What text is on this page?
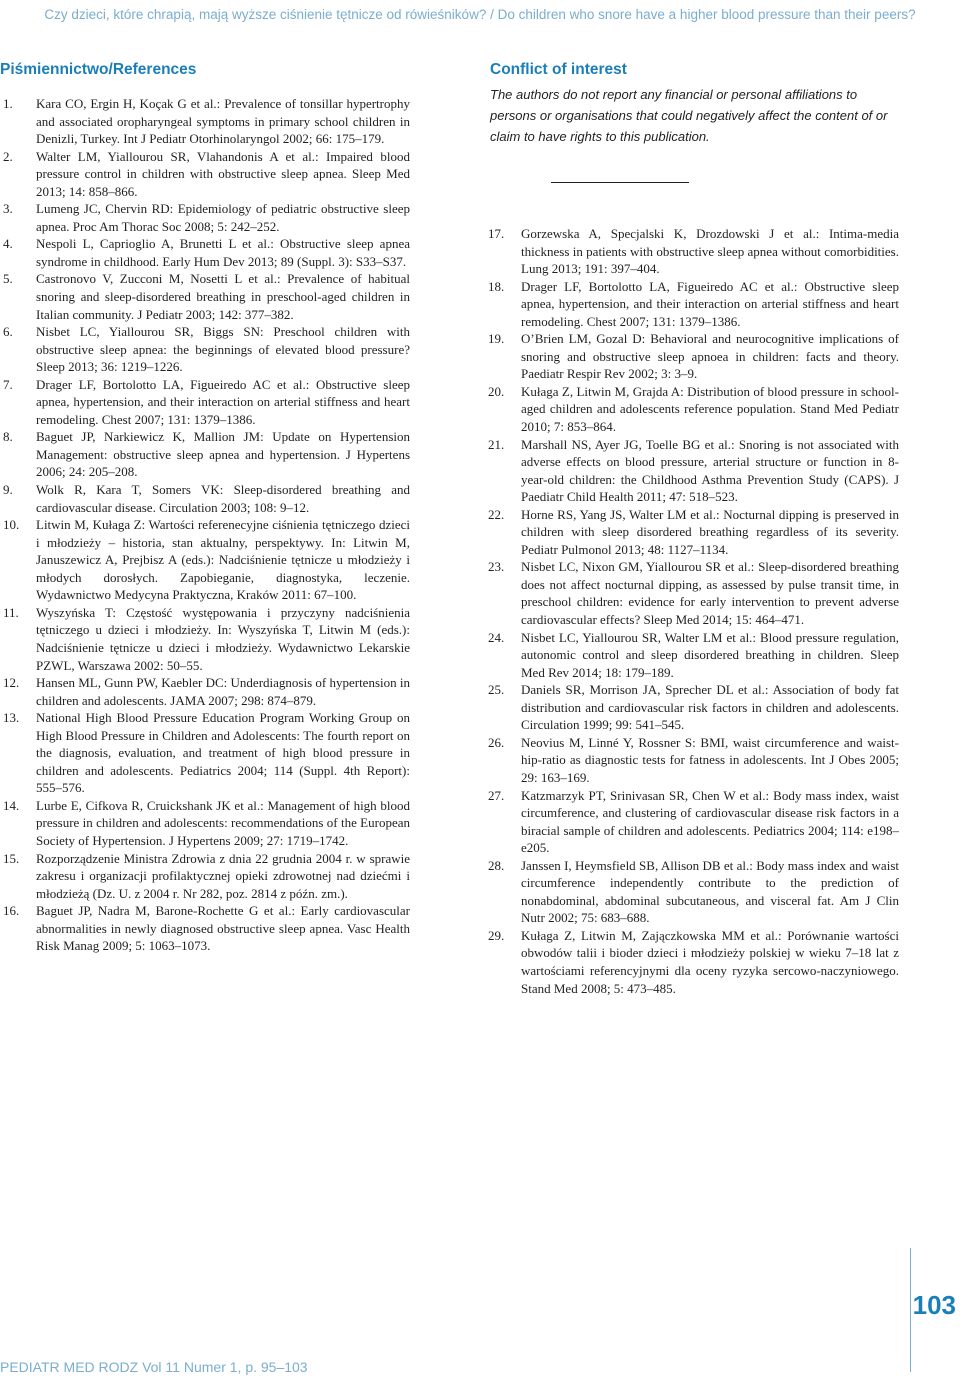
Czy dzieci, które chrapią, mają wyższe ciśnienie tętnicze od rówieśników? / Do children who snore have a higher blood pressure than their peers?
Piśmiennictwo/References
1. Kara CO, Ergin H, Koçak G et al.: Prevalence of tonsillar hypertrophy and associated oropharyngeal symptoms in primary school children in Denizli, Turkey. Int J Pediatr Otorhinolaryngol 2002; 66: 175–179.
2. Walter LM, Yiallourou SR, Vlahandonis A et al.: Impaired blood pressure control in children with obstructive sleep apnea. Sleep Med 2013; 14: 858–866.
3. Lumeng JC, Chervin RD: Epidemiology of pediatric obstructive sleep apnea. Proc Am Thorac Soc 2008; 5: 242–252.
4. Nespoli L, Caprioglio A, Brunetti L et al.: Obstructive sleep apnea syndrome in childhood. Early Hum Dev 2013; 89 (Suppl. 3): S33–S37.
5. Castronovo V, Zucconi M, Nosetti L et al.: Prevalence of habitual snoring and sleep-disordered breathing in preschool-aged children in Italian community. J Pediatr 2003; 142: 377–382.
6. Nisbet LC, Yiallourou SR, Biggs SN: Preschool children with obstructive sleep apnea: the beginnings of elevated blood pressure? Sleep 2013; 36: 1219–1226.
7. Drager LF, Bortolotto LA, Figueiredo AC et al.: Obstructive sleep apnea, hypertension, and their interaction on arterial stiffness and heart remodeling. Chest 2007; 131: 1379–1386.
8. Baguet JP, Narkiewicz K, Mallion JM: Update on Hypertension Management: obstructive sleep apnea and hypertension. J Hypertens 2006; 24: 205–208.
9. Wolk R, Kara T, Somers VK: Sleep-disordered breathing and cardiovascular disease. Circulation 2003; 108: 9–12.
10. Litwin M, Kułaga Z: Wartości referenecyjne ciśnienia tętniczego dzieci i młodzieży – historia, stan aktualny, perspektywy. In: Litwin M, Januszewicz A, Prejbisz A (eds.): Nadciśnienie tętnicze u młodzieży i młodych dorosłych. Zapobieganie, diagnostyka, leczenie. Wydawnictwo Medycyna Praktyczna, Kraków 2011: 67–100.
11. Wyszyńska T: Częstość występowania i przyczyny nadciśnienia tętniczego u dzieci i młodzieży. In: Wyszyńska T, Litwin M (eds.): Nadciśnienie tętnicze u dzieci i młodzieży. Wydawnictwo Lekarskie PZWL, Warszawa 2002: 50–55.
12. Hansen ML, Gunn PW, Kaebler DC: Underdiagnosis of hypertension in children and adolescents. JAMA 2007; 298: 874–879.
13. National High Blood Pressure Education Program Working Group on High Blood Pressure in Children and Adolescents: The fourth report on the diagnosis, evaluation, and treatment of high blood pressure in children and adolescents. Pediatrics 2004; 114 (Suppl. 4th Report): 555–576.
14. Lurbe E, Cifkova R, Cruickshank JK et al.: Management of high blood pressure in children and adolescents: recommendations of the European Society of Hypertension. J Hypertens 2009; 27: 1719–1742.
15. Rozporządzenie Ministra Zdrowia z dnia 22 grudnia 2004 r. w sprawie zakresu i organizacji profilaktycznej opieki zdrowotnej nad dziećmi i młodzieżą (Dz. U. z 2004 r. Nr 282, poz. 2814 z późn. zm.).
16. Baguet JP, Nadra M, Barone-Rochette G et al.: Early cardiovascular abnormalities in newly diagnosed obstructive sleep apnea. Vasc Health Risk Manag 2009; 5: 1063–1073.
Conflict of interest

The authors do not report any financial or personal affiliations to persons or organisations that could negatively affect the content of or claim to have rights to this publication.

17. Gorzewska A, Specjalski K, Drozdowski J et al.: Intima-media thickness in patients with obstructive sleep apnea without comorbidities. Lung 2013; 191: 397–404.
18. Drager LF, Bortolotto LA, Figueiredo AC et al.: Obstructive sleep apnea, hypertension, and their interaction on arterial stiffness and heart remodeling. Chest 2007; 131: 1379–1386.
19. O’Brien LM, Gozal D: Behavioral and neurocognitive implications of snoring and obstructive sleep apnoea in children: facts and theory. Paediatr Respir Rev 2002; 3: 3–9.
20. Kułaga Z, Litwin M, Grajda A: Distribution of blood pressure in school-aged children and adolescents reference population. Stand Med Pediatr 2010; 7: 853–864.
21. Marshall NS, Ayer JG, Toelle BG et al.: Snoring is not associated with adverse effects on blood pressure, arterial structure or function in 8-year-old children: the Childhood Asthma Prevention Study (CAPS). J Paediatr Child Health 2011; 47: 518–523.
22. Horne RS, Yang JS, Walter LM et al.: Nocturnal dipping is preserved in children with sleep disordered breathing regardless of its severity. Pediatr Pulmonol 2013; 48: 1127–1134.
23. Nisbet LC, Nixon GM, Yiallourou SR et al.: Sleep-disordered breathing does not affect nocturnal dipping, as assessed by pulse transit time, in preschool children: evidence for early intervention to prevent adverse cardiovascular effects? Sleep Med 2014; 15: 464–471.
24. Nisbet LC, Yiallourou SR, Walter LM et al.: Blood pressure regulation, autonomic control and sleep disordered breathing in children. Sleep Med Rev 2014; 18: 179–189.
25. Daniels SR, Morrison JA, Sprecher DL et al.: Association of body fat distribution and cardiovascular risk factors in children and adolescents. Circulation 1999; 99: 541–545.
26. Neovius M, Linné Y, Rossner S: BMI, waist circumference and waist-hip-ratio as diagnostic tests for fatness in adolescents. Int J Obes 2005; 29: 163–169.
27. Katzmarzyk PT, Srinivasan SR, Chen W et al.: Body mass index, waist circumference, and clustering of cardiovascular disease risk factors in a biracial sample of children and adolescents. Pediatrics 2004; 114: e198–e205.
28. Janssen I, Heymsfield SB, Allison DB et al.: Body mass index and waist circumference independently contribute to the prediction of nonabdominal, abdominal subcutaneous, and visceral fat. Am J Clin Nutr 2002; 75: 683–688.
29. Kułaga Z, Litwin M, Zajączkowska MM et al.: Porównanie wartości obwodów talii i bioder dzieci i młodzieży polskiej w wieku 7–18 lat z wartościami referencyjnymi dla oceny ryzyka sercowo-naczyniowego. Stand Med 2008; 5: 473–485.
103
PEDIATR MED RODZ Vol 11 Numer 1, p. 95–103
